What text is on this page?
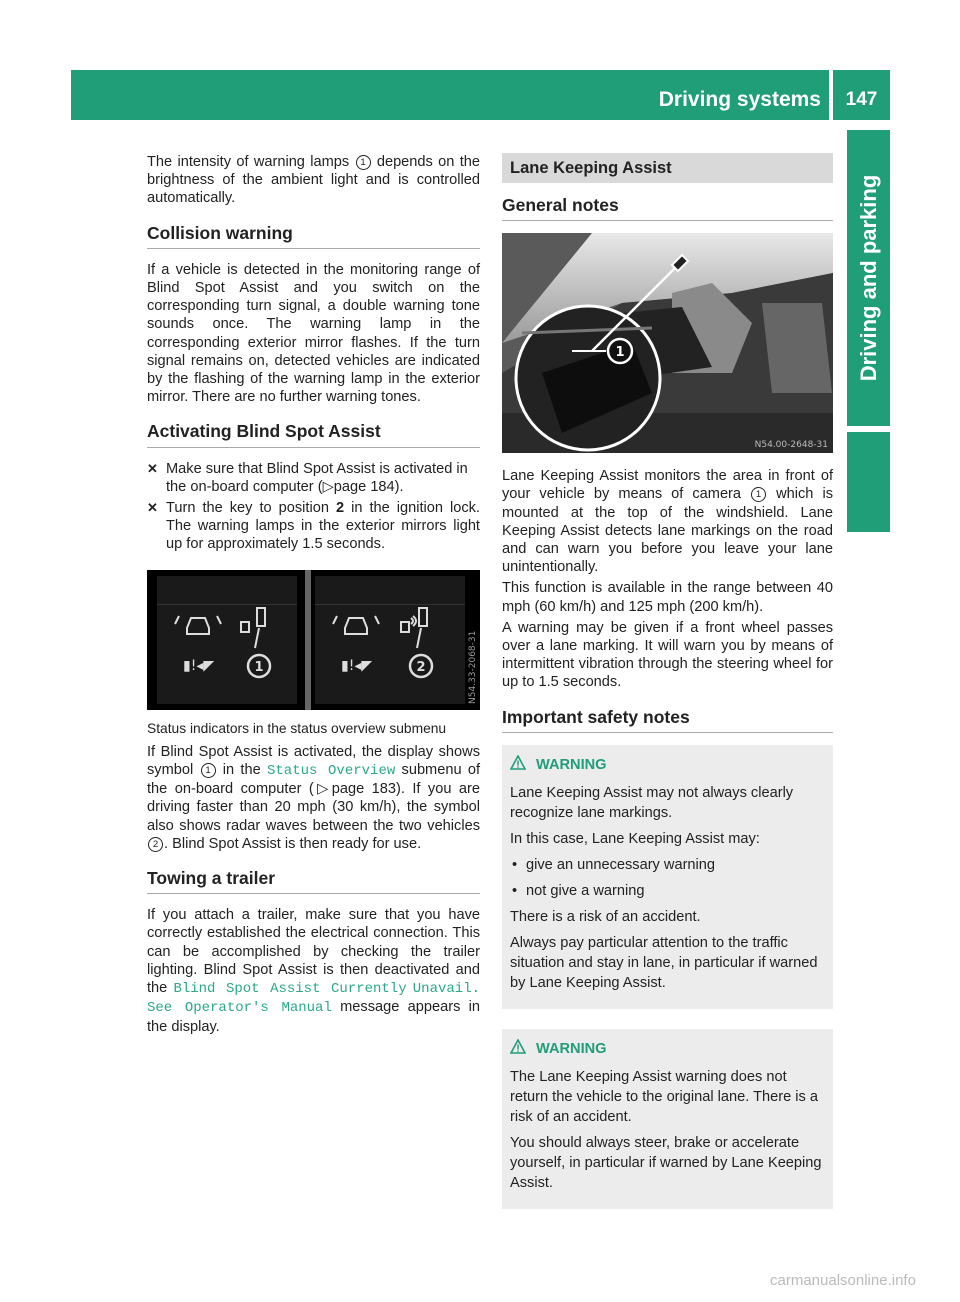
Driving systems	147
Driving and parking

The intensity of warning lamps 1 depends on the brightness of the ambient light and is controlled automatically.

Collision warning

If a vehicle is detected in the monitoring range of Blind Spot Assist and you switch on the corresponding turn signal, a double warning tone sounds once. The warning lamp in the corresponding exterior mirror flashes. If the turn signal remains on, detected vehicles are indicated by the flashing of the warning lamp in the exterior mirror. There are no further warning tones.

Activating Blind Spot Assist
✕ Make sure that Blind Spot Assist is activated in the on-board computer (▷page 184).
✕ Turn the key to position 2 in the ignition lock. The warning lamps in the exterior mirrors light up for approximately 1.5 seconds.
1
▮!◂◤	2
▮!◂◤	N54.33-2068-31

Status indicators in the status overview submenu

If Blind Spot Assist is activated, the display shows symbol 1 in the Status Overview submenu of the on-board computer (▷page 183). If you are driving faster than 20 mph (30 km/h), the symbol also shows radar waves between the two vehicles 2 . Blind Spot Assist is then ready for use.

Towing a trailer

If you attach a trailer, make sure that you have correctly established the electrical connection. This can be accomplished by checking the trailer lighting. Blind Spot Assist is then deactivated and the Blind Spot Assist Currently Unavail. See Operator's Manual message appears in the display.

Lane Keeping Assist
General notes
1
N54.00-2648-31

Lane Keeping Assist monitors the area in front of your vehicle by means of camera 1 which is mounted at the top of the windshield. Lane Keeping Assist detects lane markings on the road and can warn you before you leave your lane unintentionally.

This function is available in the range between 40 mph (60 km/h) and 125 mph (200 km/h).

A warning may be given if a front wheel passes over a lane marking. It will warn you by means of intermittent vibration through the steering wheel for up to 1.5 seconds.

Important safety notes
WARNING

Lane Keeping Assist may not always clearly recognize lane markings.

In this case, Lane Keeping Assist may:

• give an unnecessary warning

• not give a warning

There is a risk of an accident.

Always pay particular attention to the traffic situation and stay in lane, in particular if warned by Lane Keeping Assist.

WARNING

The Lane Keeping Assist warning does not return the vehicle to the original lane. There is a risk of an accident.

You should always steer, brake or accelerate yourself, in particular if warned by Lane Keeping Assist.

carmanualsonline.info
